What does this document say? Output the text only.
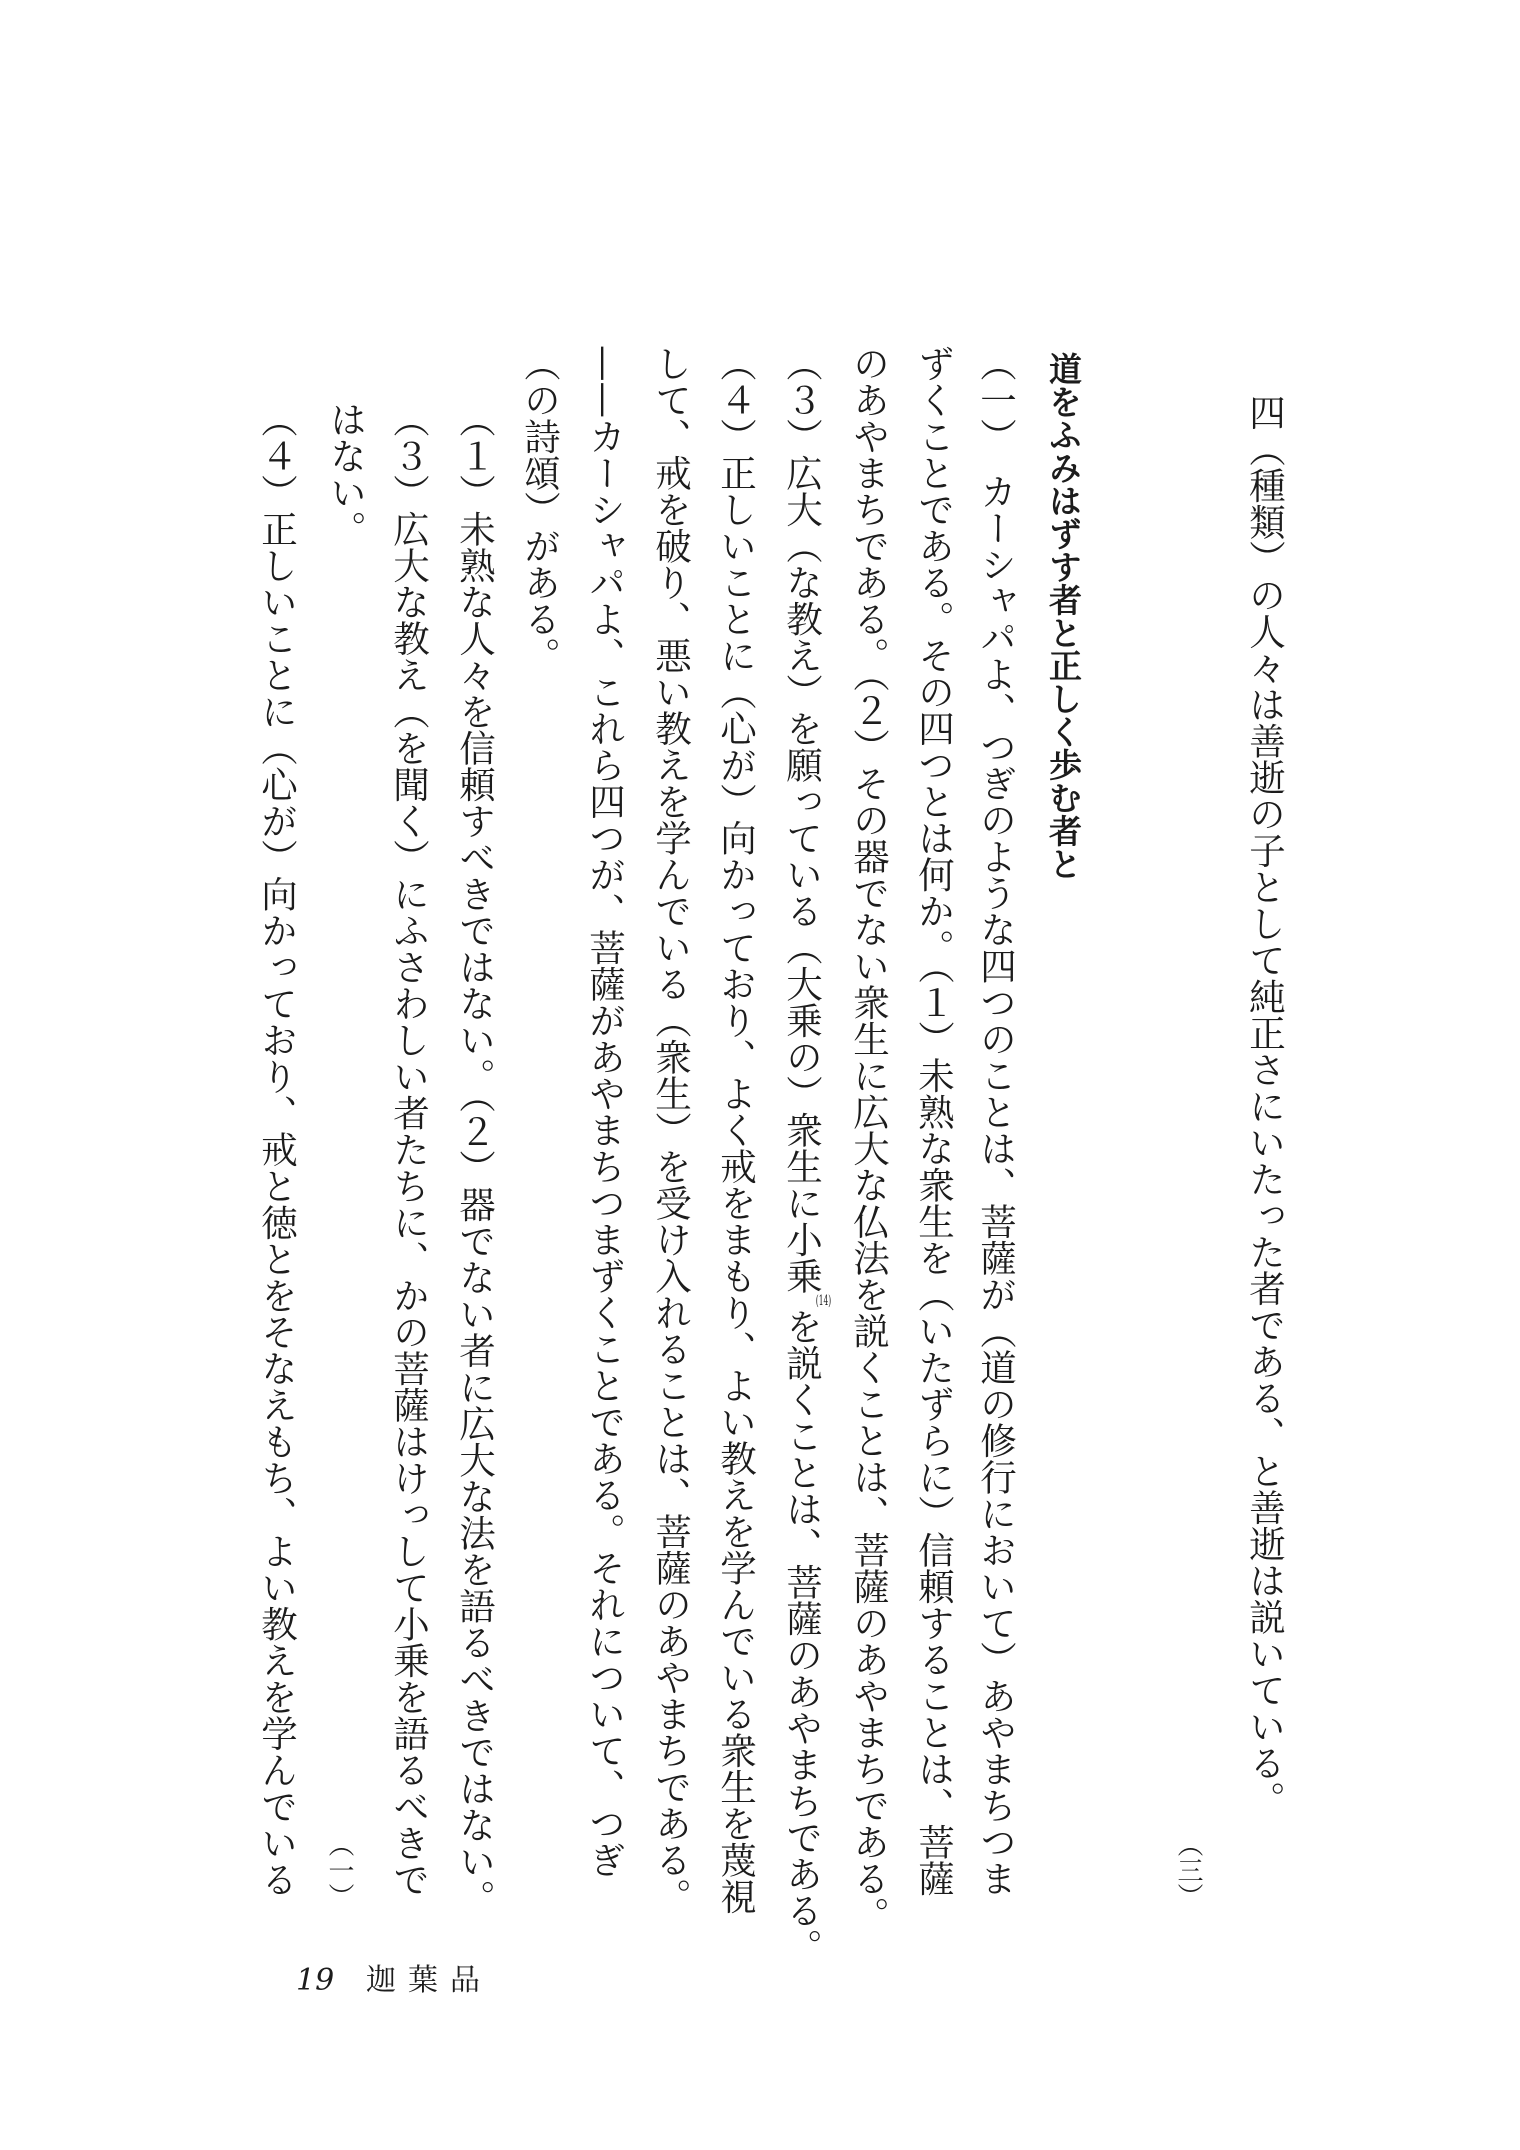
四（種類）の人々は善逝の子として純正さにいたった者である、と善逝は説いている。
（三）
道をふみはずす者と正しく歩む者と
（一）　カーシャパよ、つぎのような四つのことは、菩薩が（道の修行において）あやまちつま
ずくことである。その四つとは何か。（１）未熟な衆生を（いたずらに）信頼することは、菩薩
のあやまちである。（２）その器でない衆生に広大な仏法を説くことは、菩薩のあやまちである。
（３）広大（な教え）を願っている（大乗の）衆生に小乗(14)を説くことは、菩薩のあやまちである。
（４）正しいことに（心が）向かっており、よく戒をまもり、よい教えを学んでいる衆生を蔑視
して、戒を破り、悪い教えを学んでいる（衆生）を受け入れることは、菩薩のあやまちである。
——カーシャパよ、これら四つが、菩薩があやまちつまずくことである。それについて、つぎ
（の詩頌）がある。
（１）未熟な人々を信頼すべきではない。（２）器でない者に広大な法を語るべきではない。
（３）広大な教え（を聞く）にふさわしい者たちに、かの菩薩はけっして小乗を語るべきで
はない。
（一）
（４）正しいことに（心が）向かっており、戒と徳とをそなえもち、よい教えを学んでいる
19 迦葉品
